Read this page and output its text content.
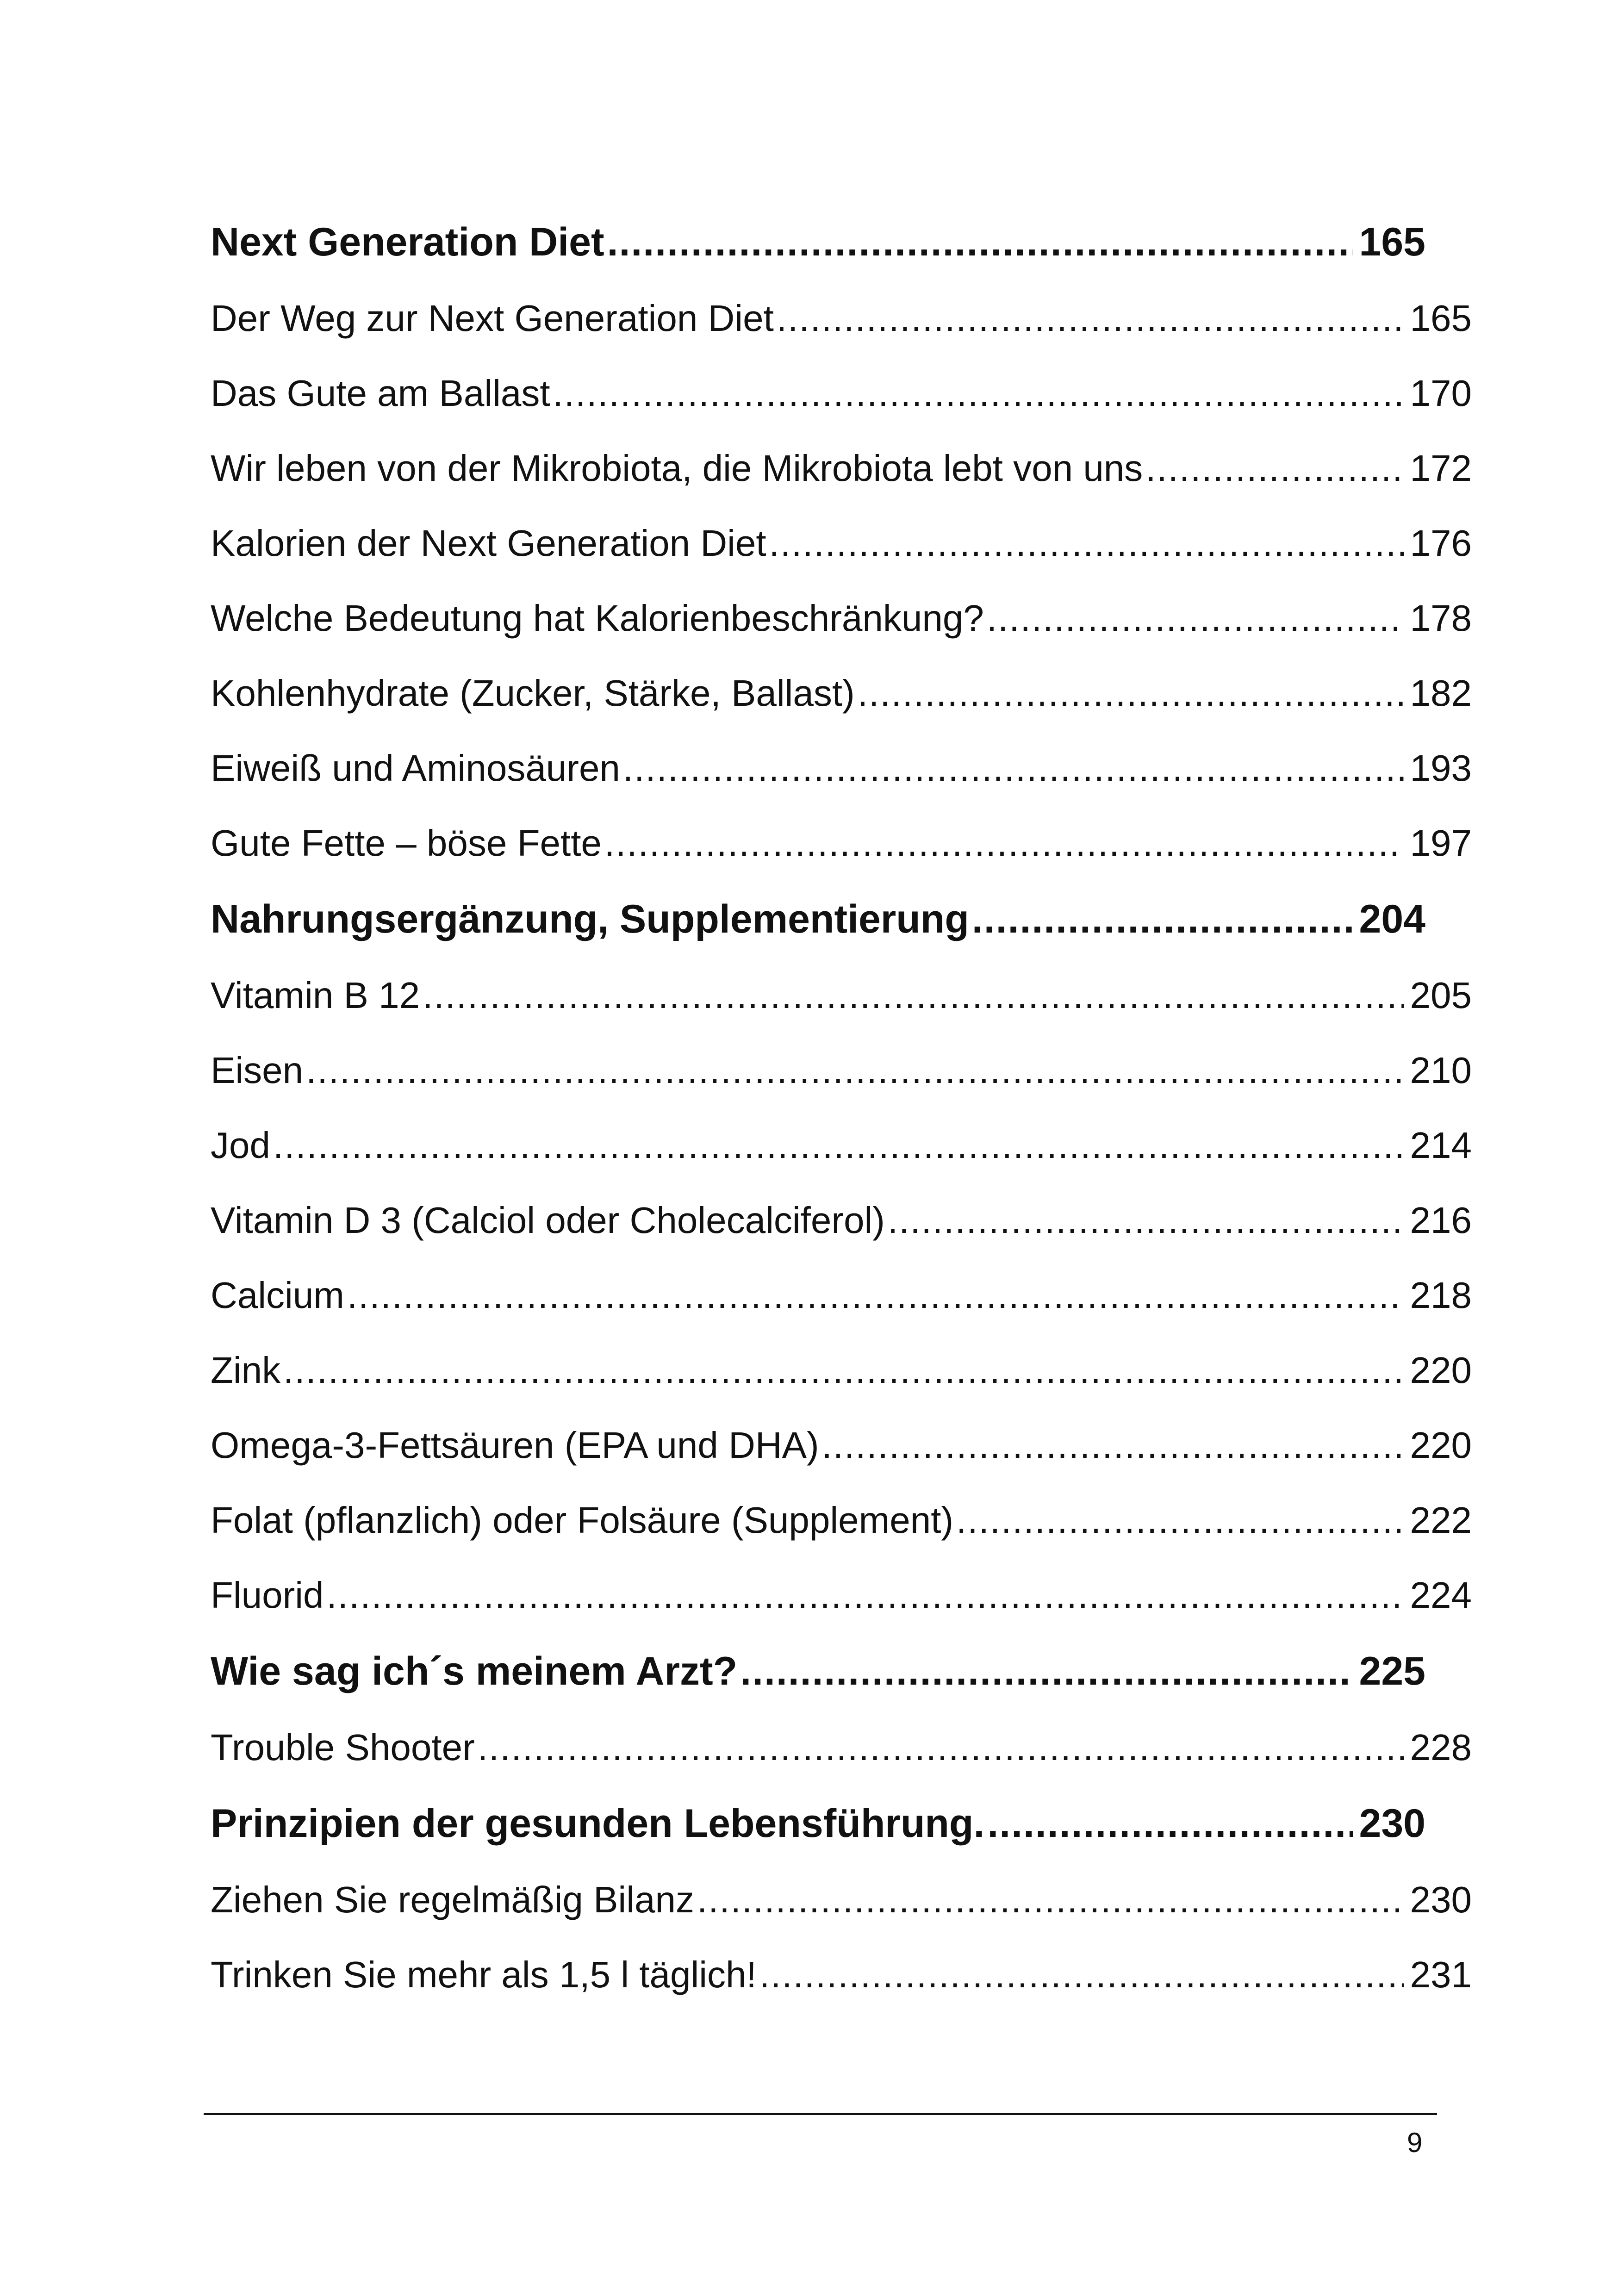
Next Generation Diet .....	165
Der Weg zur Next Generation Diet .....	165
Das Gute am Ballast .....	170
Wir leben von der Mikrobiota, die Mikrobiota lebt von uns .....	172
Kalorien der Next Generation Diet .....	176
Welche Bedeutung hat Kalorienbeschränkung? .....	178
Kohlenhydrate (Zucker, Stärke, Ballast) .....	182
Eiweiß und Aminosäuren .....	193
Gute Fette – böse Fette .....	197
Nahrungsergänzung, Supplementierung .....	204
Vitamin B 12 .....	205
Eisen .....	210
Jod .....	214
Vitamin D 3 (Calciol oder Cholecalciferol) .....	216
Calcium .....	218
Zink .....	220
Omega-3-Fettsäuren (EPA und DHA) .....	220
Folat (pflanzlich) oder Folsäure (Supplement) .....	222
Fluorid .....	224
Wie sag ich´s meinem Arzt? .....	225
Trouble Shooter .....	228
Prinzipien der gesunden Lebensführung. .....	230
Ziehen Sie regelmäßig Bilanz .....	230
Trinken Sie mehr als 1,5 l täglich! .....	231
9
